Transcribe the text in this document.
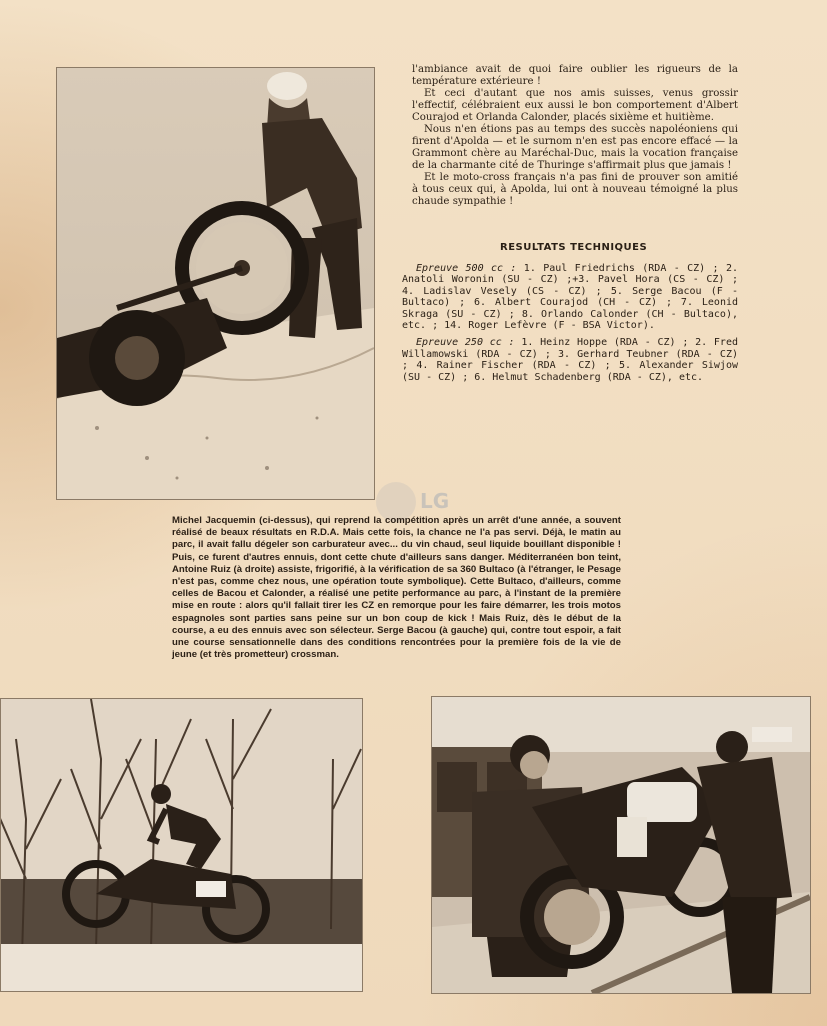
l'ambiance avait de quoi faire oublier les rigueurs de la température extérieure !

Et ceci d'autant que nos amis suisses, venus grossir l'effectif, célébraient eux aussi le bon comportement d'Albert Courajod et Orlanda Calonder, placés sixième et huitième.

Nous n'en étions pas au temps des succès napoléoniens qui firent d'Apolda — et le surnom n'en est pas encore effacé — la Grammont chère au Maréchal-Duc, mais la vocation française de la charmante cité de Thuringe s'affirmait plus que jamais !

Et le moto-cross français n'a pas fini de prouver son amitié à tous ceux qui, à Apolda, lui ont à nouveau témoigné la plus chaude sympathie !

RESULTATS TECHNIQUES

Epreuve 500 cc : 1. Paul Friedrichs (RDA - CZ) ; 2. Anatoli Woronin (SU - CZ) ;+3. Pavel Hora (CS - CZ) ; 4. Ladislav Vesely (CS - CZ) ; 5. Serge Bacou (F - Bultaco) ; 6. Albert Courajod (CH - CZ) ; 7. Leonid Skraga (SU - CZ) ; 8. Orlando Calonder (CH - Bultaco), etc. ; 14. Roger Lefèvre (F - BSA Victor).

Epreuve 250 cc : 1. Heinz Hoppe (RDA - CZ) ; 2. Fred Willamowski (RDA - CZ) ; 3. Gerhard Teubner (RDA - CZ) ; 4. Rainer Fischer (RDA - CZ) ; 5. Alexander Siwjow (SU - CZ) ; 6. Helmut Schadenberg (RDA - CZ), etc.

LG

Michel Jacquemin (ci-dessus), qui reprend la compétition après un arrêt d'une année, a souvent réalisé de beaux résultats en R.D.A. Mais cette fois, la chance ne l'a pas servi. Déjà, le matin au parc, il avait fallu dégeler son carburateur avec... du vin chaud, seul liquide bouillant disponible ! Puis, ce furent d'autres ennuis, dont cette chute d'ailleurs sans danger. Méditerranéen bon teint, Antoine Ruiz (à droite) assiste, frigorifié, à la vérification de sa 360 Bultaco (à l'étranger, le Pesage n'est pas, comme chez nous, une opération toute symbolique). Cette Bultaco, d'ailleurs, comme celles de Bacou et Calonder, a réalisé une petite performance au parc, à l'instant de la première mise en route : alors qu'il fallait tirer les CZ en remorque pour les faire démarrer, les trois motos espagnoles sont parties sans peine sur un bon coup de kick ! Mais Ruiz, dès le début de la course, a eu des ennuis avec son sélecteur. Serge Bacou (à gauche) qui, contre tout espoir, a fait une course sensationnelle dans des conditions rencontrées pour la première fois de la vie de jeune (et très prometteur) crossman.
